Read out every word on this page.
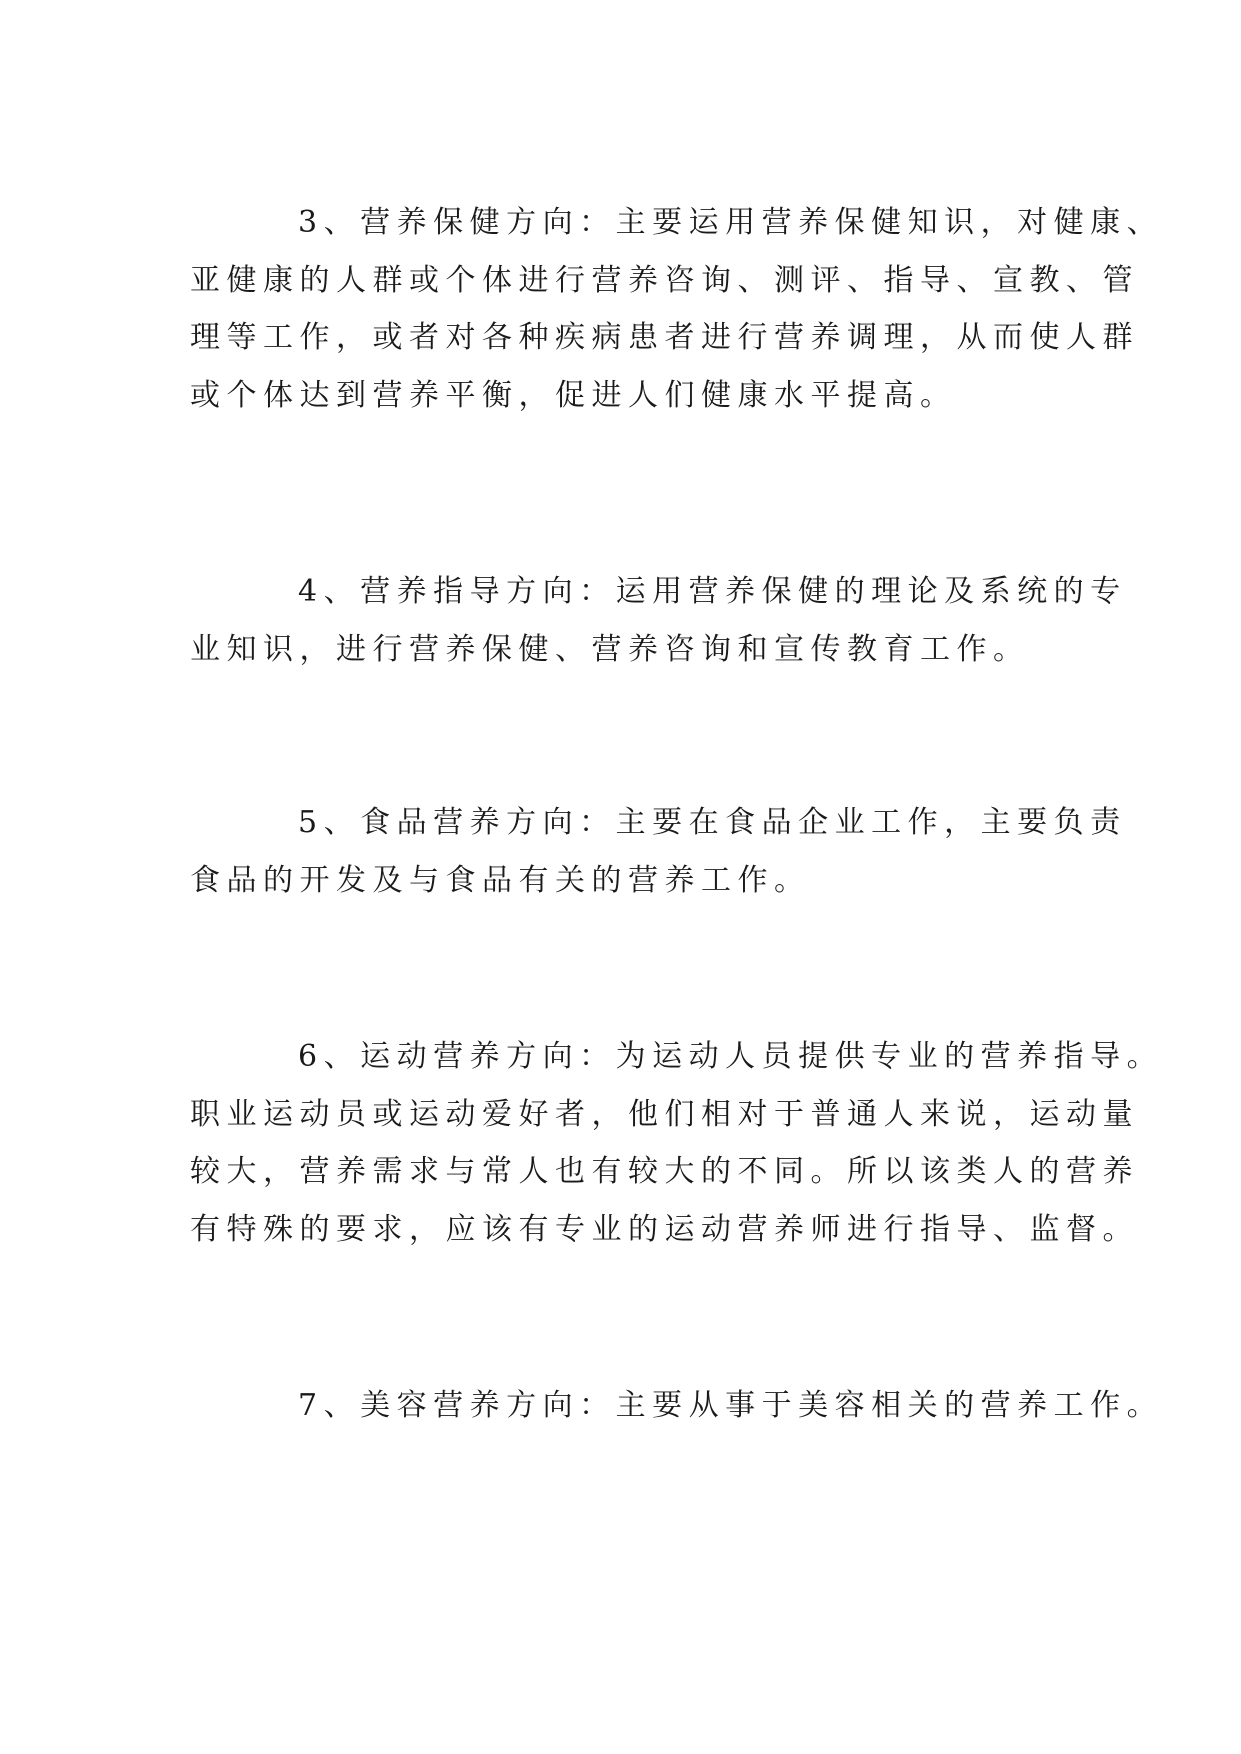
3、营养保健方向：主要运用营养保健知识，对健康、
亚健康的人群或个体进行营养咨询、测评、指导、宣教、管
理等工作，或者对各种疾病患者进行营养调理，从而使人群
或个体达到营养平衡，促进人们健康水平提高。

4、营养指导方向：运用营养保健的理论及系统的专
业知识，进行营养保健、营养咨询和宣传教育工作。

5、食品营养方向：主要在食品企业工作，主要负责
食品的开发及与食品有关的营养工作。

6、运动营养方向：为运动人员提供专业的营养指导。
职业运动员或运动爱好者，他们相对于普通人来说，运动量
较大，营养需求与常人也有较大的不同。所以该类人的营养
有特殊的要求，应该有专业的运动营养师进行指导、监督。

7、美容营养方向：主要从事于美容相关的营养工作。
